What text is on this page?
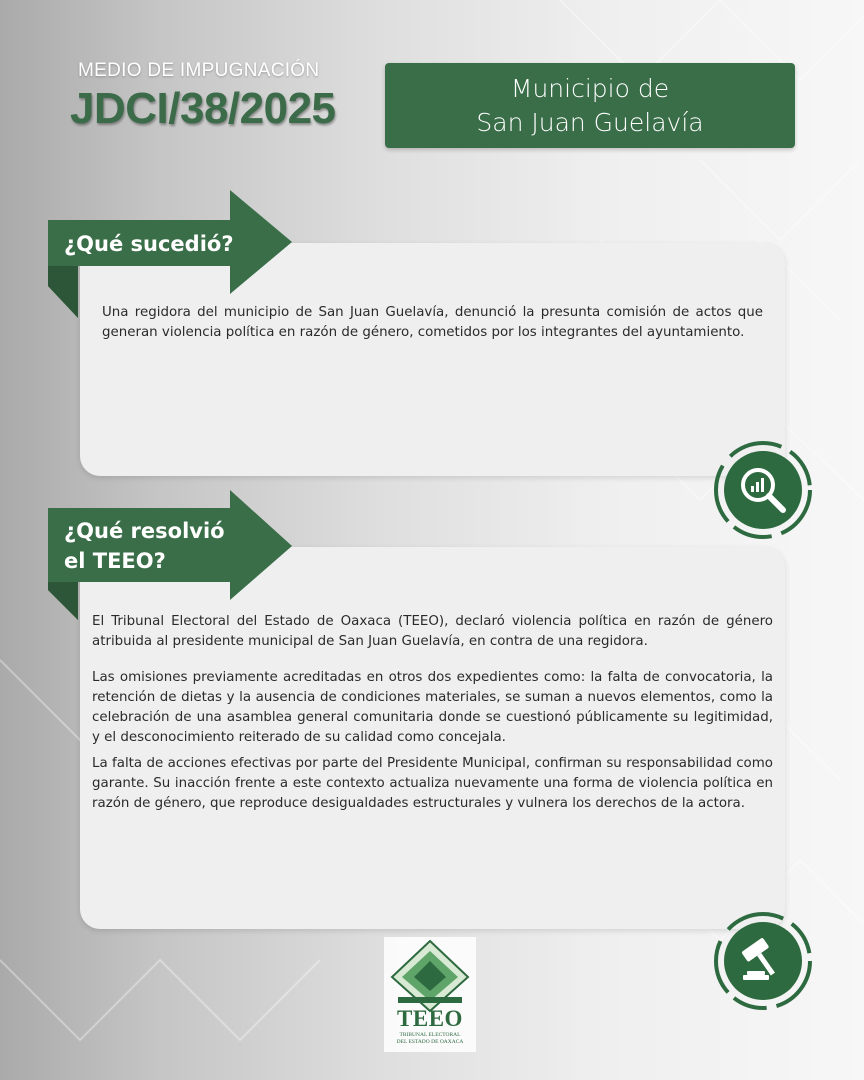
MEDIO DE IMPUGNACIÓN
JDCI/38/2025	Municipio de
San Juan Guelavía
¿Qué sucedió?

Una regidora del municipio de San Juan Guelavía, denunció la presunta comisión de actos que generan violencia política en razón de género, cometidos por los integrantes del ayuntamiento.

¿Qué resolvió
el TEEO?

El Tribunal Electoral del Estado de Oaxaca (TEEO), declaró violencia política en razón de género atribuida al presidente municipal de San Juan Guelavía, en contra de una regidora.

Las omisiones previamente acreditadas en otros dos expedientes como: la falta de convocatoria, la retención de dietas y la ausencia de condiciones materiales, se suman a nuevos elementos, como la celebración de una asamblea general comunitaria donde se cuestionó públicamente su legitimidad, y el desconocimiento reiterado de su calidad como concejala.

La falta de acciones efectivas por parte del Presidente Municipal, confirman su responsabilidad como garante. Su inacción frente a este contexto actualiza nuevamente una forma de violencia política en razón de género, que reproduce desigualdades estructurales y vulnera los derechos de la actora.

TEEO
TRIBUNAL ELECTORAL
DEL ESTADO DE OAXACA
